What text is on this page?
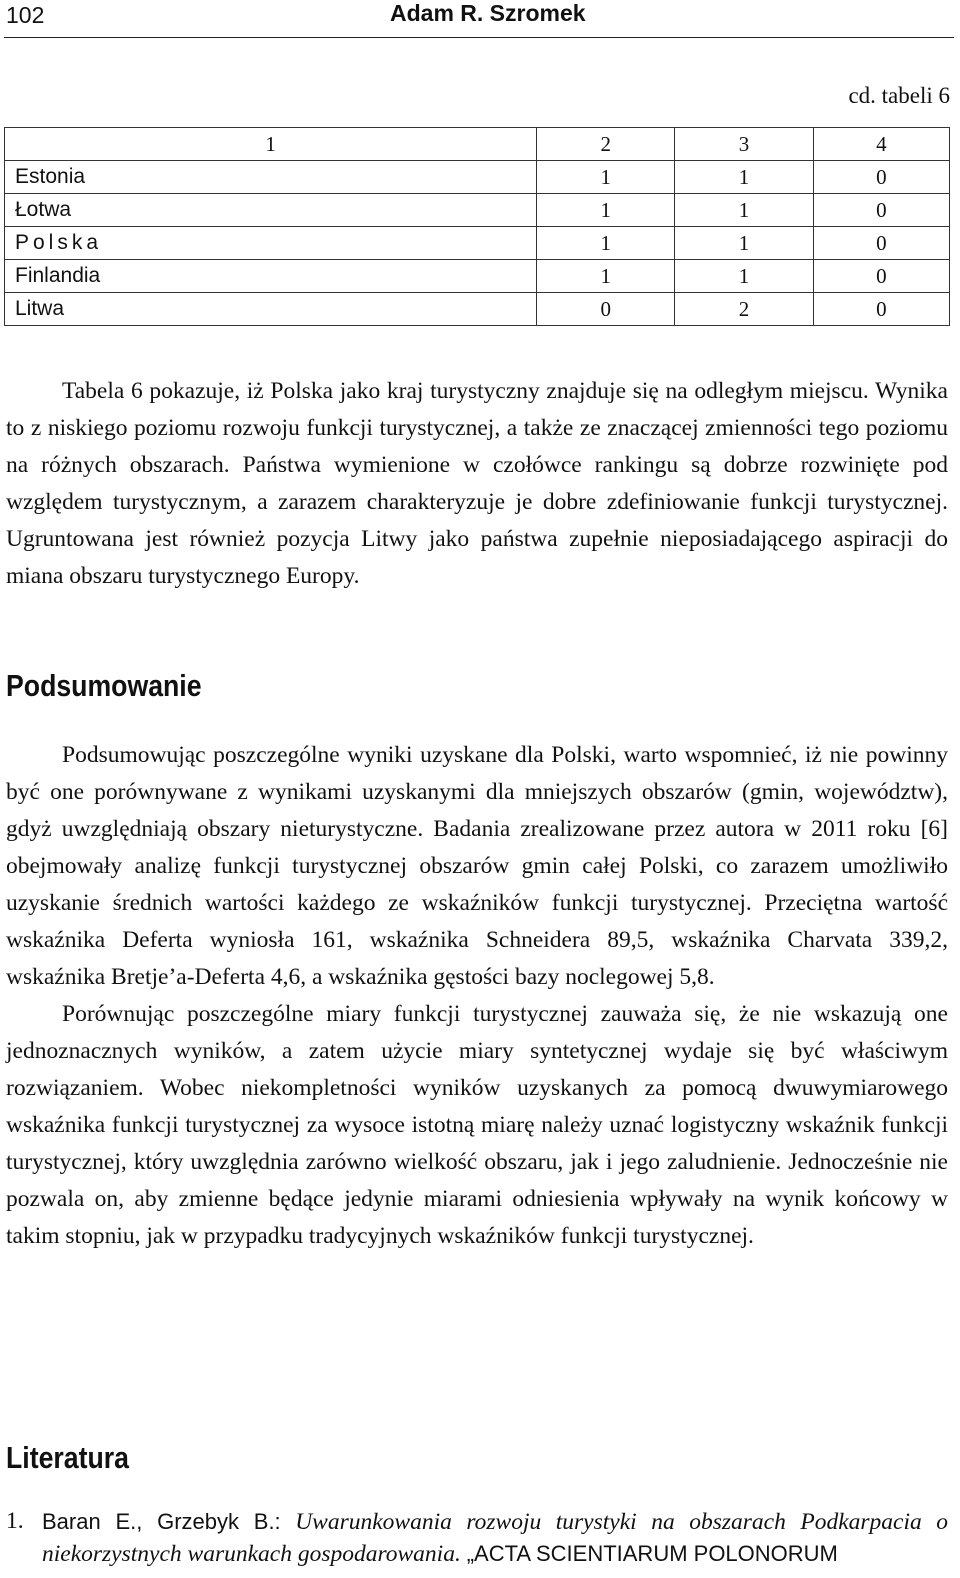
102	Adam R. Szromek
cd. tabeli 6
1	2	3	4
Estonia	1	1	0
Łotwa	1	1	0
Polska	1	1	0
Finlandia	1	1	0
Litwa	0	2	0

Tabela 6 pokazuje, iż Polska jako kraj turystyczny znajduje się na odległym miejscu. Wynika to z niskiego poziomu rozwoju funkcji turystycznej, a także ze znaczącej zmienności tego poziomu na różnych obszarach. Państwa wymienione w czołówce rankingu są dobrze rozwinięte pod względem turystycznym, a zarazem charakteryzuje je dobre zdefiniowanie funkcji turystycznej. Ugruntowana jest również pozycja Litwy jako państwa zupełnie nieposiadającego aspiracji do miana obszaru turystycznego Europy.

Podsumowanie

Podsumowując poszczególne wyniki uzyskane dla Polski, warto wspomnieć, iż nie powinny być one porównywane z wynikami uzyskanymi dla mniejszych obszarów (gmin, województw), gdyż uwzględniają obszary nieturystyczne. Badania zrealizowane przez autora w 2011 roku [6] obejmowały analizę funkcji turystycznej obszarów gmin całej Polski, co zarazem umożliwiło uzyskanie średnich wartości każdego ze wskaźników funkcji turystycznej. Przeciętna wartość wskaźnika Deferta wyniosła 161, wskaźnika Schneidera 89,5, wskaźnika Charvata 339,2, wskaźnika Bretje’a-Deferta 4,6, a wskaźnika gęstości bazy noclegowej 5,8.

Porównując poszczególne miary funkcji turystycznej zauważa się, że nie wskazują one jednoznacznych wyników, a zatem użycie miary syntetycznej wydaje się być właściwym rozwiązaniem. Wobec niekompletności wyników uzyskanych za pomocą dwuwymiarowego wskaźnika funkcji turystycznej za wysoce istotną miarę należy uznać logistyczny wskaźnik funkcji turystycznej, który uwzględnia zarówno wielkość obszaru, jak i jego zaludnienie. Jednocześnie nie pozwala on, aby zmienne będące jedynie miarami odniesienia wpływały na wynik końcowy w takim stopniu, jak w przypadku tradycyjnych wskaźników funkcji turystycznej.

Literatura
1. Baran E., Grzebyk B.: Uwarunkowania rozwoju turystyki na obszarach Podkarpacia o niekorzystnych warunkach gospodarowania. „ACTA SCIENTIARUM POLONORUM
